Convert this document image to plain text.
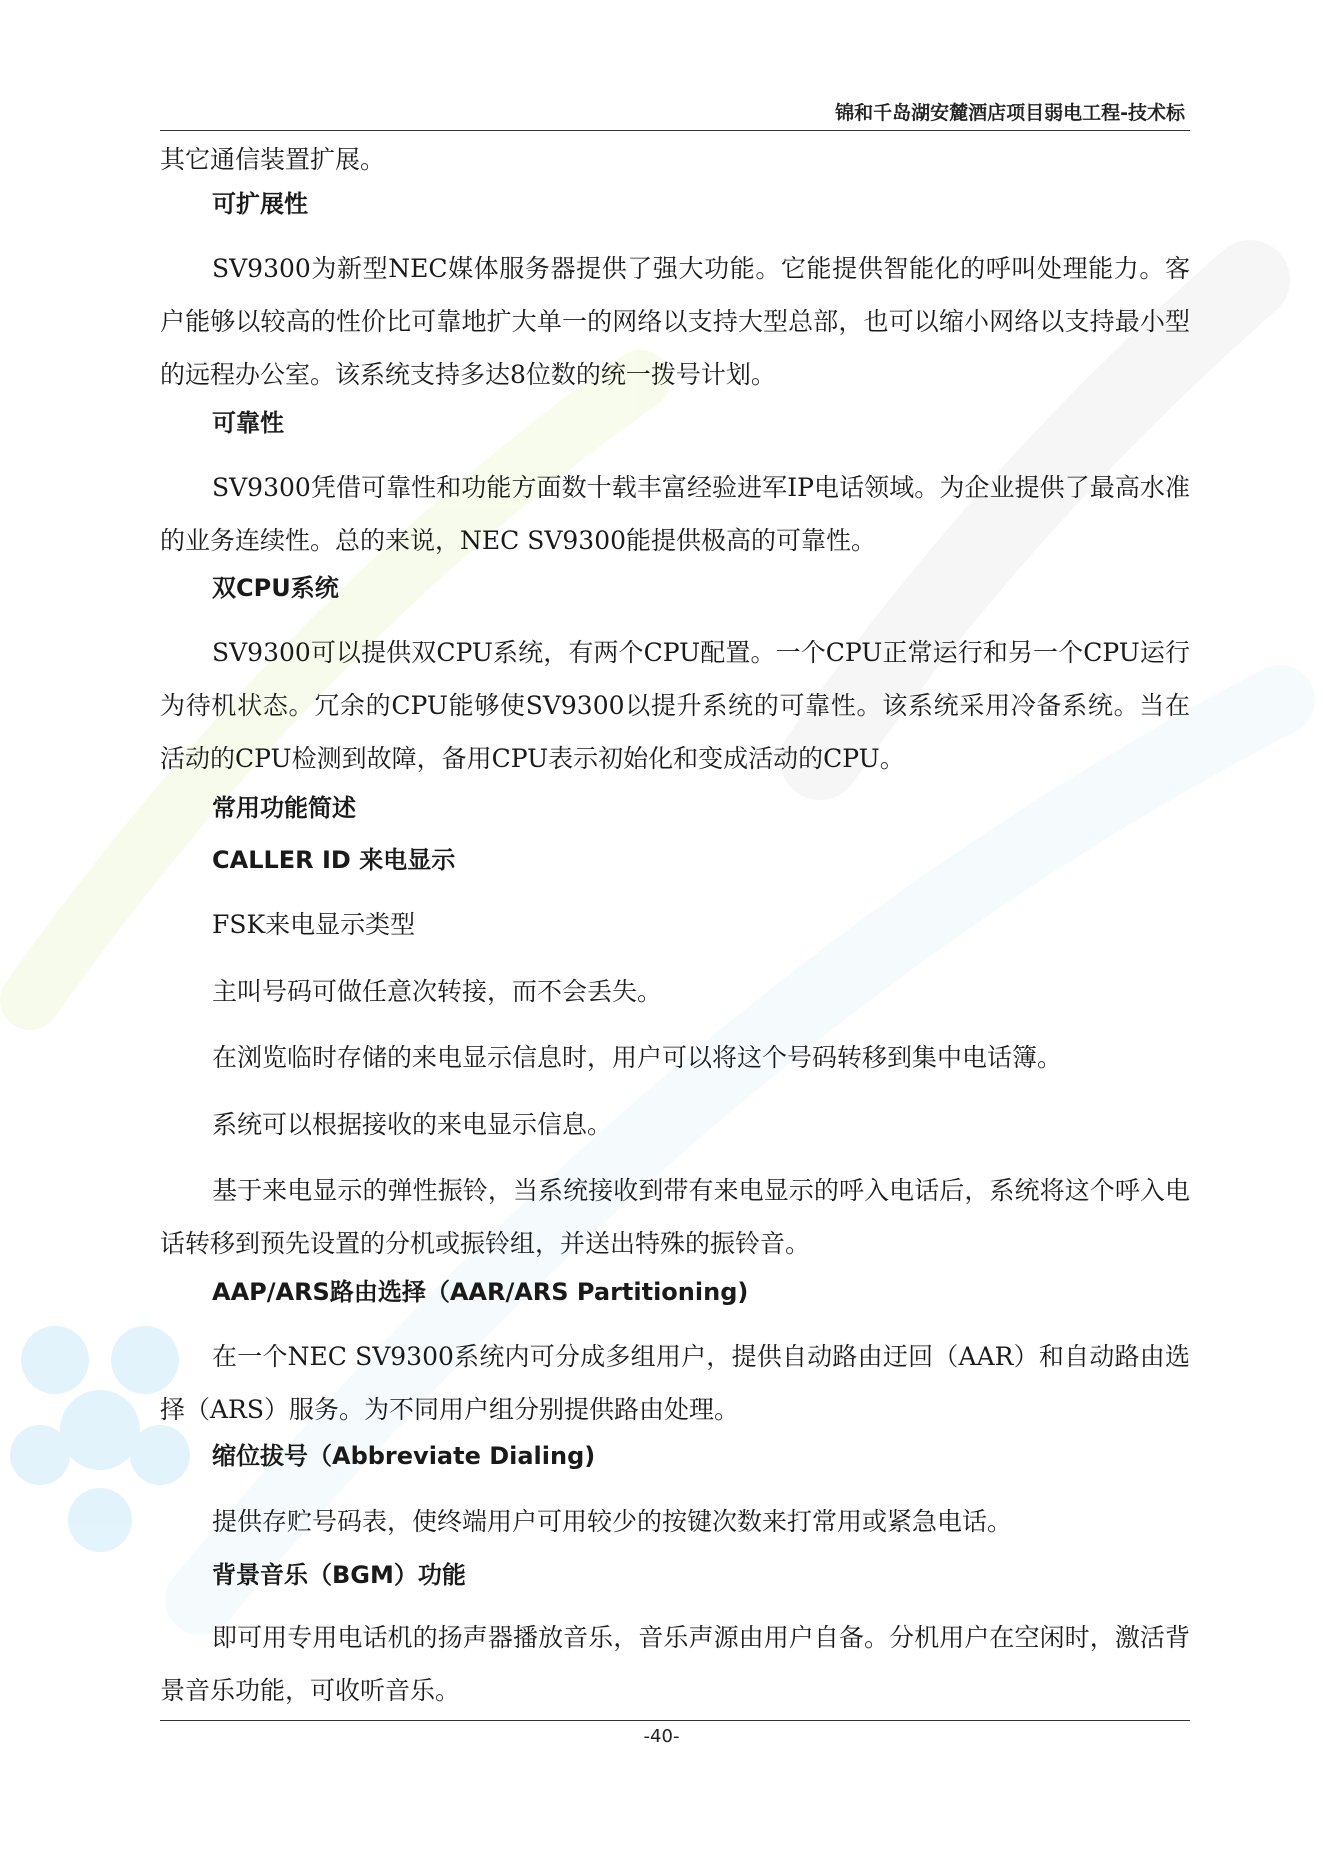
锦和千岛湖安麓酒店项目弱电工程-技术标

其它通信装置扩展。

可扩展性

SV9300为新型NEC媒体服务器提供了强大功能。它能提供智能化的呼叫处理能力。客户能够以较高的性价比可靠地扩大单一的网络以支持大型总部，也可以缩小网络以支持最小型的远程办公室。该系统支持多达8位数的统一拨号计划。

可靠性

SV9300凭借可靠性和功能方面数十载丰富经验进军IP电话领域。为企业提供了最高水准的业务连续性。总的来说，NEC SV9300能提供极高的可靠性。

双CPU系统

SV9300可以提供双CPU系统，有两个CPU配置。一个CPU正常运行和另一个CPU运行为待机状态。冗余的CPU能够使SV9300以提升系统的可靠性。该系统采用冷备系统。当在活动的CPU检测到故障，备用CPU表示初始化和变成活动的CPU。

常用功能简述

CALLER ID 来电显示

FSK来电显示类型

主叫号码可做任意次转接，而不会丢失。

在浏览临时存储的来电显示信息时，用户可以将这个号码转移到集中电话簿。

系统可以根据接收的来电显示信息。

基于来电显示的弹性振铃，当系统接收到带有来电显示的呼入电话后，系统将这个呼入电话转移到预先设置的分机或振铃组，并送出特殊的振铃音。

AAP/ARS路由选择（AAR/ARS Partitioning)

在一个NEC SV9300系统内可分成多组用户，提供自动路由迂回（AAR）和自动路由选择（ARS）服务。为不同用户组分别提供路由处理。

缩位拔号（Abbreviate Dialing)

提供存贮号码表，使终端用户可用较少的按键次数来打常用或紧急电话。

背景音乐（BGM）功能

即可用专用电话机的扬声器播放音乐，音乐声源由用户自备。分机用户在空闲时，激活背景音乐功能，可收听音乐。

-40-
